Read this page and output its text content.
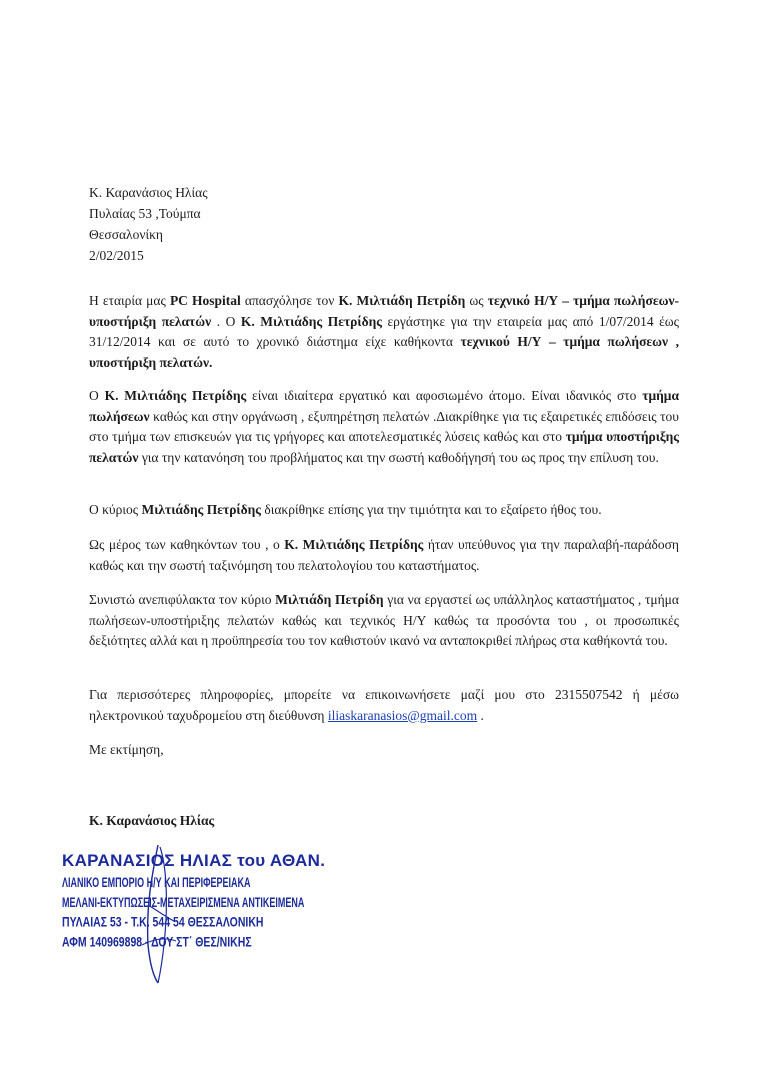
Κ. Καρανάσιος Ηλίας
Πυλαίας 53 ,Τούμπα
Θεσσαλονίκη
2/02/2015
Η εταιρία μας PC Hospital απασχόλησε τον Κ. Μιλτιάδη Πετρίδη ως τεχνικό Η/Υ – τμήμα πωλήσεων-υποστήριξη πελατών . Ο Κ. Μιλτιάδης Πετρίδης εργάστηκε για την εταιρεία μας από 1/07/2014 έως 31/12/2014 και σε αυτό το χρονικό διάστημα είχε καθήκοντα τεχνικού Η/Υ – τμήμα πωλήσεων , υποστήριξη πελατών.
Ο Κ. Μιλτιάδης Πετρίδης είναι ιδιαίτερα εργατικό και αφοσιωμένο άτομο. Είναι ιδανικός στο τμήμα πωλήσεων καθώς και στην οργάνωση , εξυπηρέτηση πελατών .Διακρίθηκε για τις εξαιρετικές επιδόσεις του στο τμήμα των επισκευών για τις γρήγορες και αποτελεσματικές λύσεις καθώς και στο τμήμα υποστήριξης πελατών για την κατανόηση του προβλήματος και την σωστή καθοδήγησή του ως προς την επίλυση του.
Ο κύριος Μιλτιάδης Πετρίδης διακρίθηκε επίσης για την τιμιότητα και το εξαίρετο ήθος του.
Ως μέρος των καθηκόντων του , ο Κ. Μιλτιάδης Πετρίδης ήταν υπεύθυνος για την παραλαβή-παράδοση καθώς και την σωστή ταξινόμηση του πελατολογίου του καταστήματος.
Συνιστώ ανεπιφύλακτα τον κύριο Μιλτιάδη Πετρίδη για να εργαστεί ως υπάλληλος καταστήματος , τμήμα πωλήσεων-υποστήριξης πελατών καθώς και τεχνικός Η/Υ καθώς τα προσόντα του , οι προσωπικές δεξιότητες αλλά και η προϋπηρεσία του τον καθιστούν ικανό να ανταποκριθεί πλήρως στα καθήκοντά του.
Για περισσότερες πληροφορίες, μπορείτε να επικοινωνήσετε μαζί μου στο 2315507542 ή μέσω ηλεκτρονικού ταχυδρομείου στη διεύθυνση iliaskaranasios@gmail.com .
Με εκτίμηση,
Κ. Καρανάσιος Ηλίας
ΚΑΡΑΝΑΣΙΟΣ ΗΛΙΑΣ του ΑΘΑΝ.
ΛΙΑΝΙΚΟ ΕΜΠΟΡΙΟ Η/Υ ΚΑΙ ΠΕΡΙΦΕΡΕΙΑΚΑ
ΜΕΛΑΝΙ-ΕΚΤΥΠΩΣΕΙΣ-ΜΕΤΑΧΕΙΡΙΣΜΕΝΑ ΑΝΤΙΚΕΙΜΕΝΑ
ΠΥΛΑΙΑΣ 53 - Τ.Κ. 544 54 ΘΕΣΣΑΛΟΝΙΚΗ
ΑΦΜ 140969898 - ΔΟΥ ΣΤ΄ ΘΕΣ/ΝΙΚΗΣ
